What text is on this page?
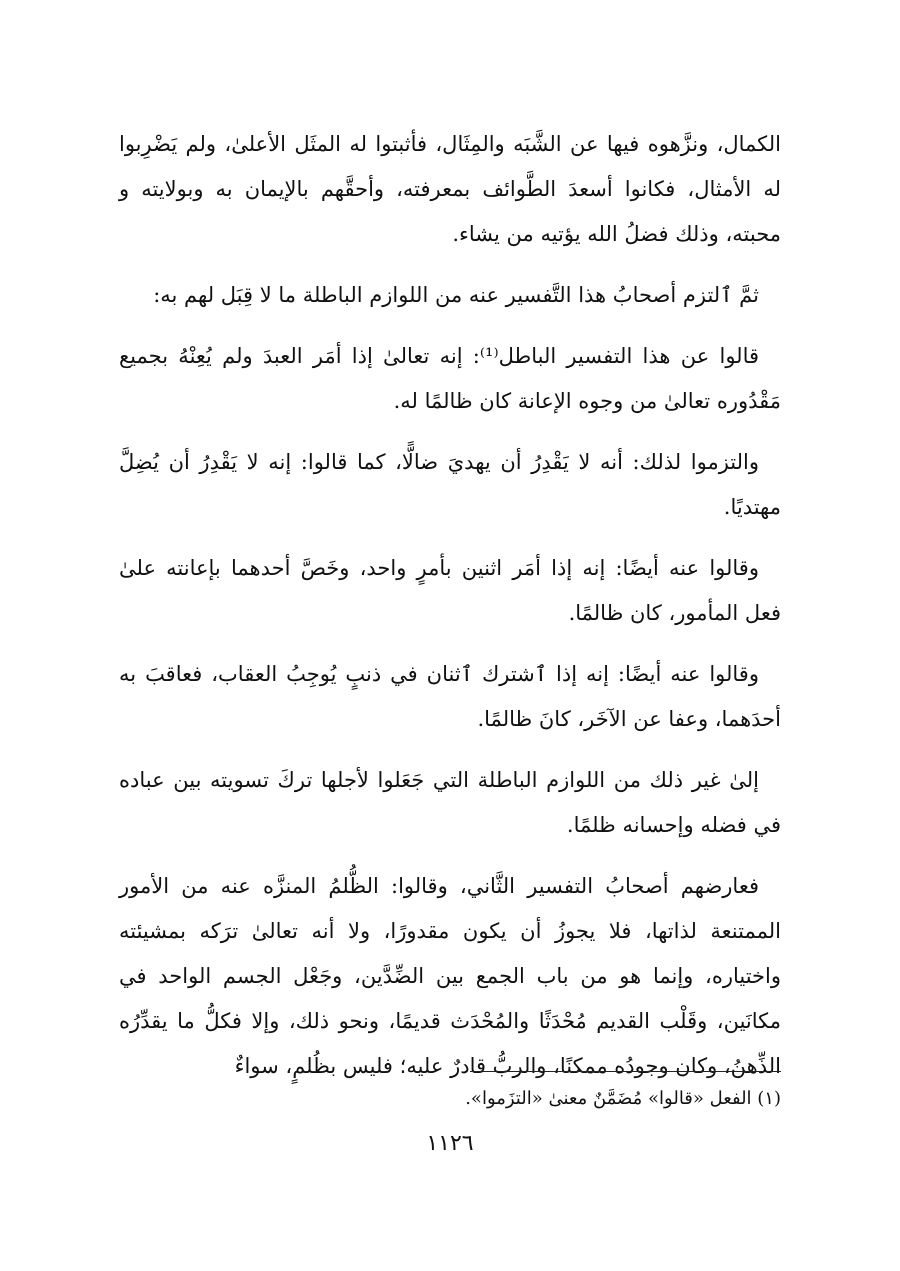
الكمال، ونزَّهوه فيها عن الشَّبَه والمِثَال، فأثبتوا له المثَل الأعلىٰ، ولم يَضْرِبوا له الأمثال، فكانوا أسعدَ الطَّوائف بمعرفته، وأحقَّهم بالإيمان به وبولايته و محبته، وذلك فضلُ الله يؤتيه من يشاء.

ثمَّ ٱلتزم أصحابُ هذا التَّفسير عنه من اللوازم الباطلة ما لا قِبَل لهم به:

قالوا عن هذا التفسير الباطل⁽¹⁾: إنه تعالىٰ إذا أمَر العبدَ ولم يُعِنْهُ بجميع مَقْدُوره تعالىٰ من وجوه الإعانة كان ظالمًا له.

والتزموا لذلك: أنه لا يَقْدِرُ أن يهديَ ضالًّا، كما قالوا: إنه لا يَقْدِرُ أن يُضِلَّ مهتديًا.

وقالوا عنه أيضًا: إنه إذا أمَر اثنين بأمرٍ واحد، وخَصَّ أحدهما بإعانته علىٰ فعل المأمور، كان ظالمًا.

وقالوا عنه أيضًا: إنه إذا ٱشترك ٱثنان في ذنبٍ يُوجِبُ العقاب، فعاقبَ به أحدَهما، وعفا عن الآخَر، كانَ ظالمًا.

إلىٰ غير ذلك من اللوازم الباطلة التي جَعَلوا لأجلها تركَ تسويته بين عباده في فضله وإحسانه ظلمًا.

فعارضهم أصحابُ التفسير الثَّاني، وقالوا: الظُّلمُ المنزَّه عنه من الأمور الممتنعة لذاتها، فلا يجوزُ أن يكون مقدورًا، ولا أنه تعالىٰ ترَكه بمشيئته واختياره، وإنما هو من باب الجمع بين الضِّدَّين، وجَعْل الجسم الواحد في مكانَين، وقَلْب القديم مُحْدَثًا والمُحْدَث قديمًا، ونحو ذلك، وإلا فكلُّ ما يقدِّرُه الذِّهنُ، وكان وجودُه ممكنًا، والربُّ قادرٌ عليه؛ فليس بظُلمٍ، سواءٌ

(١) الفعل «قالوا» مُضَمَّنٌ معنىٰ «التزَموا».
١١٢٦
